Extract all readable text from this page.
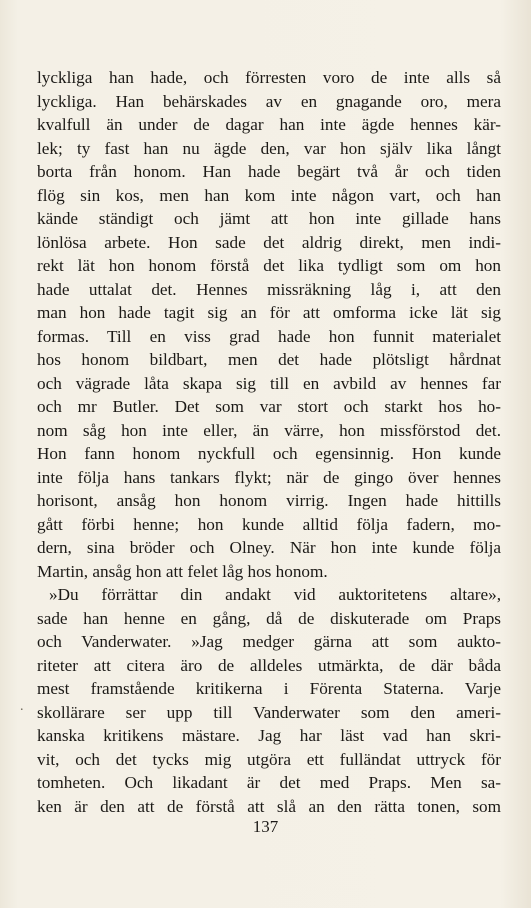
lyckliga han hade, och förresten voro de inte alls så
lyckliga. Han behärskades av en gnagande oro, mera
kvalfull än under de dagar han inte ägde hennes kär-
lek; ty fast han nu ägde den, var hon själv lika långt
borta från honom. Han hade begärt två år och tiden
flög sin kos, men han kom inte någon vart, och han
kände ständigt och jämt att hon inte gillade hans
lönlösa arbete. Hon sade det aldrig direkt, men indi-
rekt lät hon honom förstå det lika tydligt som om hon
hade uttalat det. Hennes missräkning låg i, att den
man hon hade tagit sig an för att omforma icke lät sig
formas. Till en viss grad hade hon funnit materialet
hos honom bildbart, men det hade plötsligt hårdnat
och vägrade låta skapa sig till en avbild av hennes far
och mr Butler. Det som var stort och starkt hos ho-
nom såg hon inte eller, än värre, hon missförstod det.
Hon fann honom nyckfull och egensinnig. Hon kunde
inte följa hans tankars flykt; när de gingo över hennes
horisont, ansåg hon honom virrig. Ingen hade hittills
gått förbi henne; hon kunde alltid följa fadern, mo-
dern, sina bröder och Olney. När hon inte kunde följa
Martin, ansåg hon att felet låg hos honom.
»Du förrättar din andakt vid auktoritetens altare»,
sade han henne en gång, då de diskuterade om Praps
och Vanderwater. »Jag medger gärna att som aukto-
riteter att citera äro de alldeles utmärkta, de där båda
mest framstående kritikerna i Förenta Staterna. Varje
skollärare ser upp till Vanderwater som den ameri-
kanska kritikens mästare. Jag har läst vad han skri-
vit, och det tycks mig utgöra ett fulländat uttryck för
tomheten. Och likadant är det med Praps. Men sa-
ken är den att de förstå att slå an den rätta tonen, som
.
137
